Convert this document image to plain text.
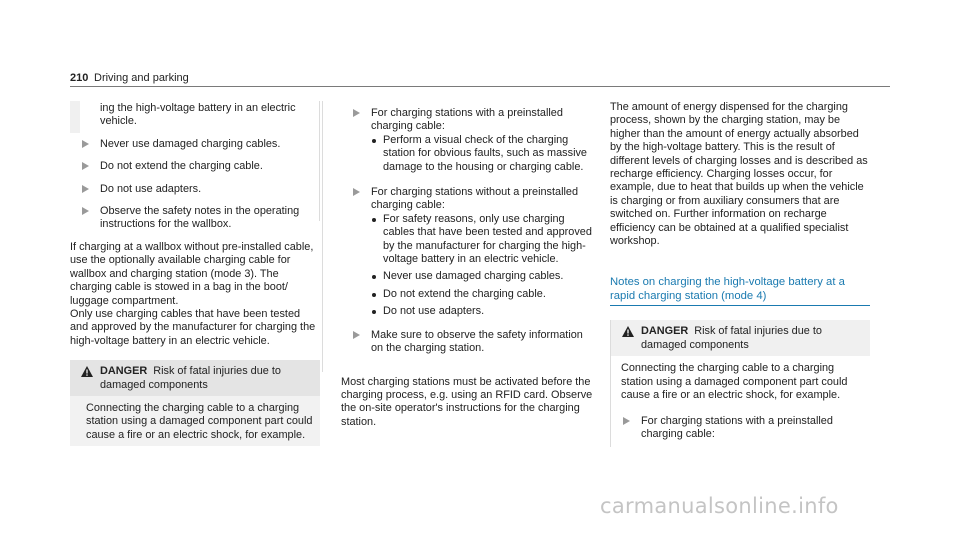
210 Driving and parking
ing the high-voltage battery in an electric vehicle.
Never use damaged charging cables.
Do not extend the charging cable.
Do not use adapters.
Observe the safety notes in the operating instructions for the wallbox.
If charging at a wallbox without pre-installed cable, use the optionally available charging cable for wallbox and charging station (mode 3). The charging cable is stowed in a bag in the boot/ luggage compartment.
Only use charging cables that have been tested and approved by the manufacturer for charging the high-voltage battery in an electric vehicle.
DANGER Risk of fatal injuries due to damaged components
Connecting the charging cable to a charging station using a damaged component part could cause a fire or an electric shock, for example.
For charging stations with a preinstalled charging cable:
Perform a visual check of the charging station for obvious faults, such as massive damage to the housing or charging cable.
For charging stations without a preinstalled charging cable:
For safety reasons, only use charging cables that have been tested and approved by the manufacturer for charging the high-voltage battery in an electric vehicle.
Never use damaged charging cables.
Do not extend the charging cable.
Do not use adapters.
Make sure to observe the safety information on the charging station.
Most charging stations must be activated before the charging process, e.g. using an RFID card. Observe the on-site operator's instructions for the charging station.
The amount of energy dispensed for the charging process, shown by the charging station, may be higher than the amount of energy actually absorbed by the high-voltage battery. This is the result of different levels of charging losses and is described as recharge efficiency. Charging losses occur, for example, due to heat that builds up when the vehicle is charging or from auxiliary consumers that are switched on. Further information on recharge efficiency can be obtained at a qualified specialist workshop.
Notes on charging the high-voltage battery at a rapid charging station (mode 4)
DANGER Risk of fatal injuries due to damaged components
Connecting the charging cable to a charging station using a damaged component part could cause a fire or an electric shock, for example.
For charging stations with a preinstalled charging cable:
carmanualsonline.info
